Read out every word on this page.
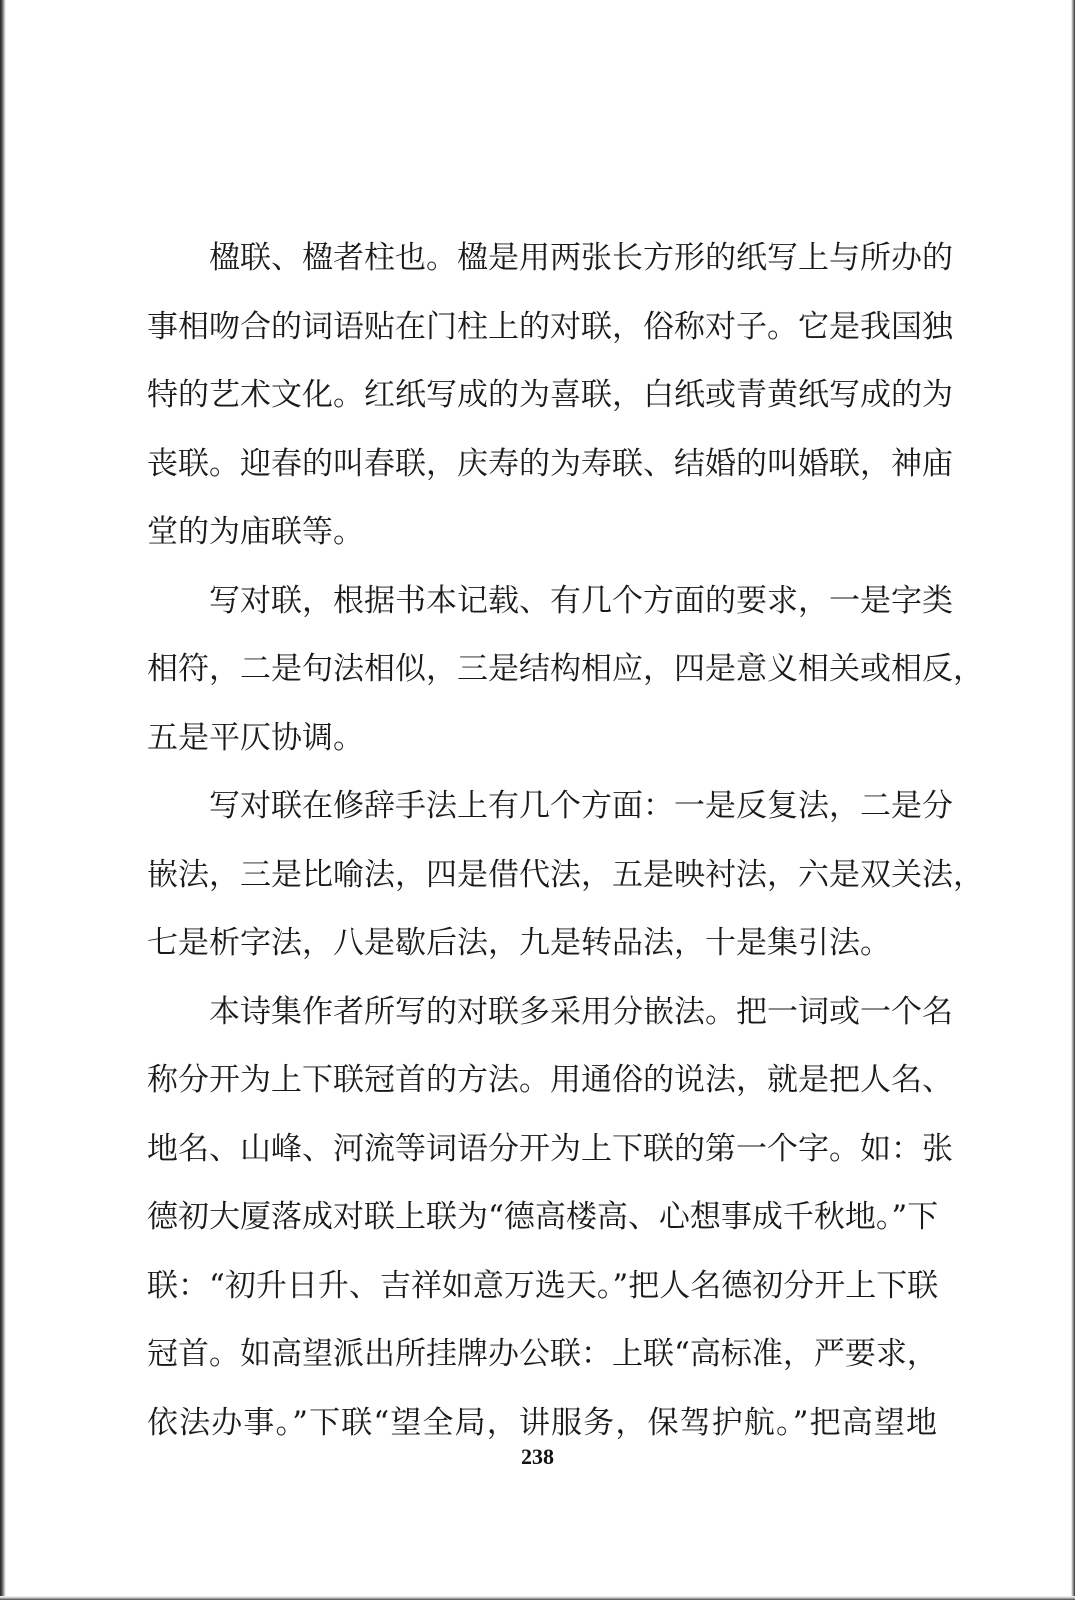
楹联、楹者柱也。楹是用两张长方形的纸写上与所办的
事相吻合的词语贴在门柱上的对联，俗称对子。它是我国独
特的艺术文化。红纸写成的为喜联，白纸或青黄纸写成的为
丧联。迎春的叫春联，庆寿的为寿联、结婚的叫婚联，神庙
堂的为庙联等。
写对联，根据书本记载、有几个方面的要求，一是字类
相符，二是句法相似，三是结构相应，四是意义相关或相反，
五是平仄协调。
写对联在修辞手法上有几个方面：一是反复法，二是分
嵌法，三是比喻法，四是借代法，五是映衬法，六是双关法，
七是析字法，八是歇后法，九是转品法，十是集引法。
本诗集作者所写的对联多采用分嵌法。把一词或一个名
称分开为上下联冠首的方法。用通俗的说法，就是把人名、
地名、山峰、河流等词语分开为上下联的第一个字。如：张
德初大厦落成对联上联为“德高楼高、心想事成千秋地。”下
联：“初升日升、吉祥如意万选天。”把人名德初分开上下联
冠首。如高望派出所挂牌办公联：上联“高标准，严要求，
依法办事。”下联“望全局，讲服务，保驾护航。”把高望地
238
